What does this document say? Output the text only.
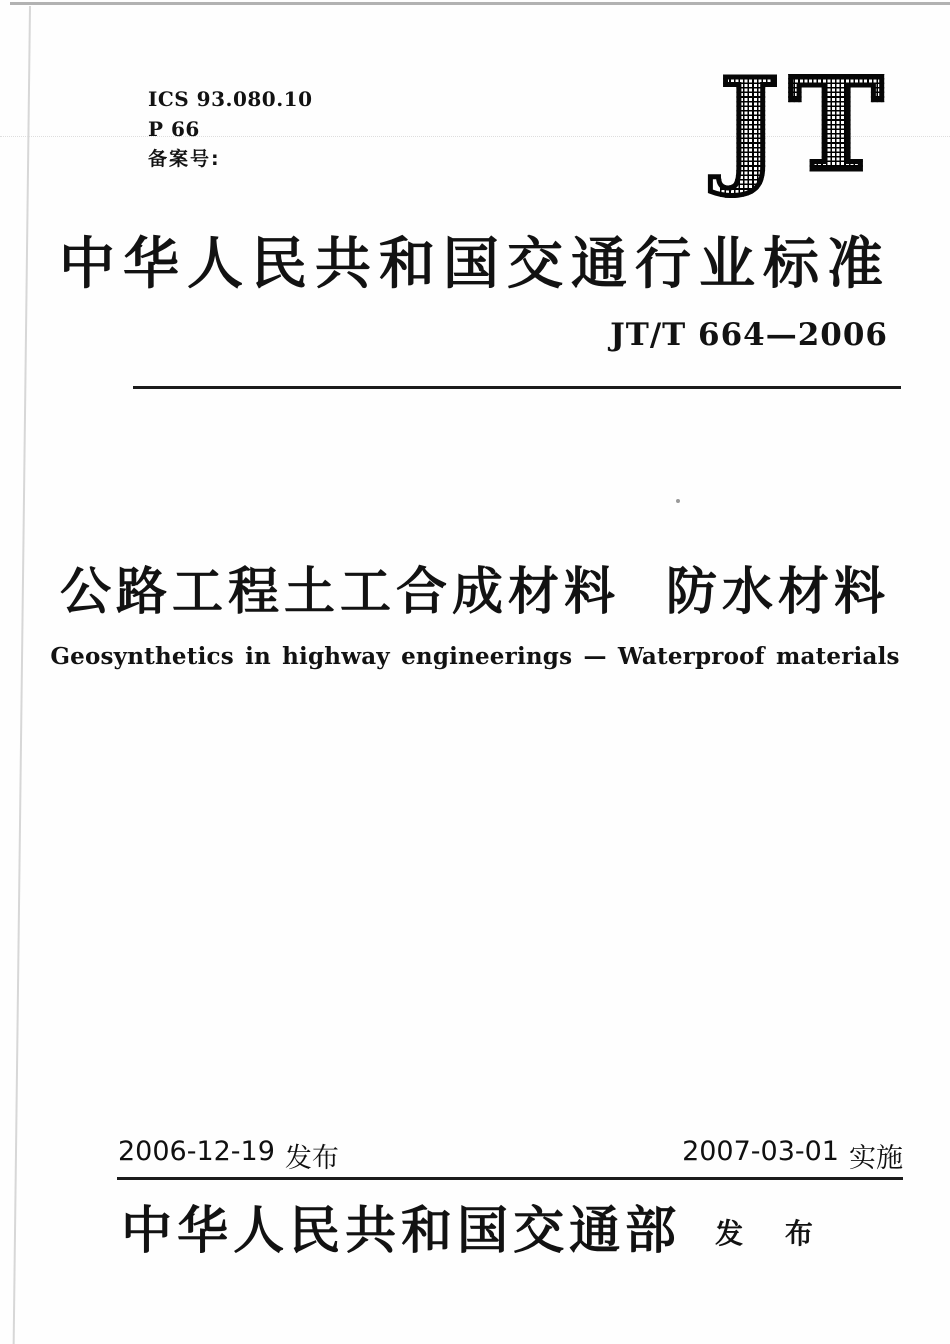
ICS 93.080.10
P 66
备案号:	JT
中华人民共和国交通行业标准
JT/T 664—2006
公路工程土工合成材料 防水材料
Geosynthetics in highway engineerings — Waterproof materials
2006-12-19 发布	2007-03-01 实施
中华人民共和国交通部 发 布
